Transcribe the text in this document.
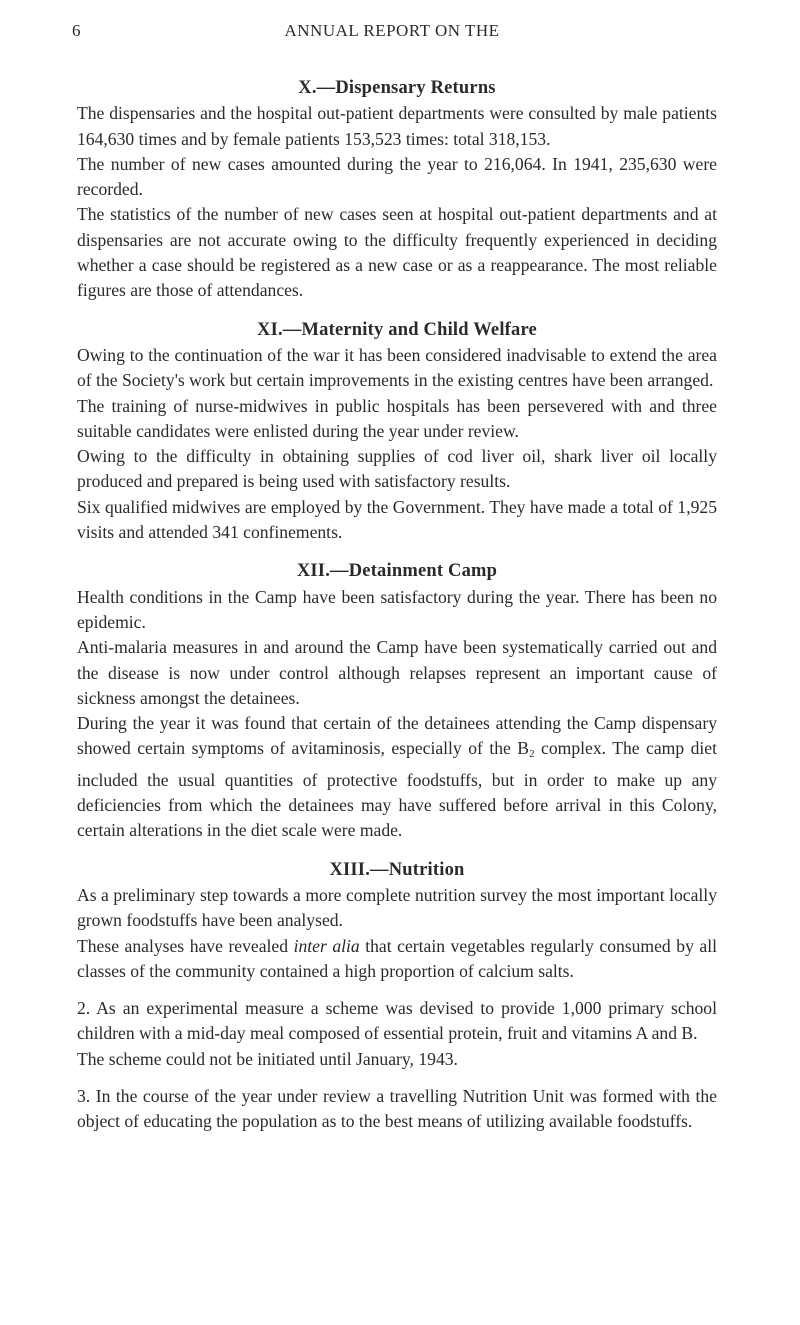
6	ANNUAL REPORT ON THE
X.—Dispensary Returns

The dispensaries and the hospital out-patient departments were consulted by male patients 164,630 times and by female patients 153,523 times: total 318,153.

The number of new cases amounted during the year to 216,064. In 1941, 235,630 were recorded.

The statistics of the number of new cases seen at hospital out-patient departments and at dispensaries are not accurate owing to the difficulty frequently experienced in deciding whether a case should be registered as a new case or as a reappearance. The most reliable figures are those of attendances.

XI.—Maternity and Child Welfare

Owing to the continuation of the war it has been considered inadvisable to extend the area of the Society's work but certain improvements in the existing centres have been arranged.

The training of nurse-midwives in public hospitals has been persevered with and three suitable candidates were enlisted during the year under review.

Owing to the difficulty in obtaining supplies of cod liver oil, shark liver oil locally produced and prepared is being used with satisfactory results.

Six qualified midwives are employed by the Government. They have made a total of 1,925 visits and attended 341 confinements.

XII.—Detainment Camp

Health conditions in the Camp have been satisfactory during the year. There has been no epidemic.

Anti-malaria measures in and around the Camp have been systematically carried out and the disease is now under control although relapses represent an important cause of sickness amongst the detainees.

During the year it was found that certain of the detainees attending the Camp dispensary showed certain symptoms of avitaminosis, especially of the $B_2$ complex. The camp diet included the usual quantities of protective foodstuffs, but in order to make up any deficiencies from which the detainees may have suffered before arrival in this Colony, certain alterations in the diet scale were made.

XIII.—Nutrition

As a preliminary step towards a more complete nutrition survey the most important locally grown foodstuffs have been analysed.

These analyses have revealed inter alia that certain vegetables regularly consumed by all classes of the community contained a high proportion of calcium salts.

2. As an experimental measure a scheme was devised to provide 1,000 primary school children with a mid-day meal composed of essential protein, fruit and vitamins A and B.

The scheme could not be initiated until January, 1943.

3. In the course of the year under review a travelling Nutrition Unit was formed with the object of educating the population as to the best means of utilizing available foodstuffs.
